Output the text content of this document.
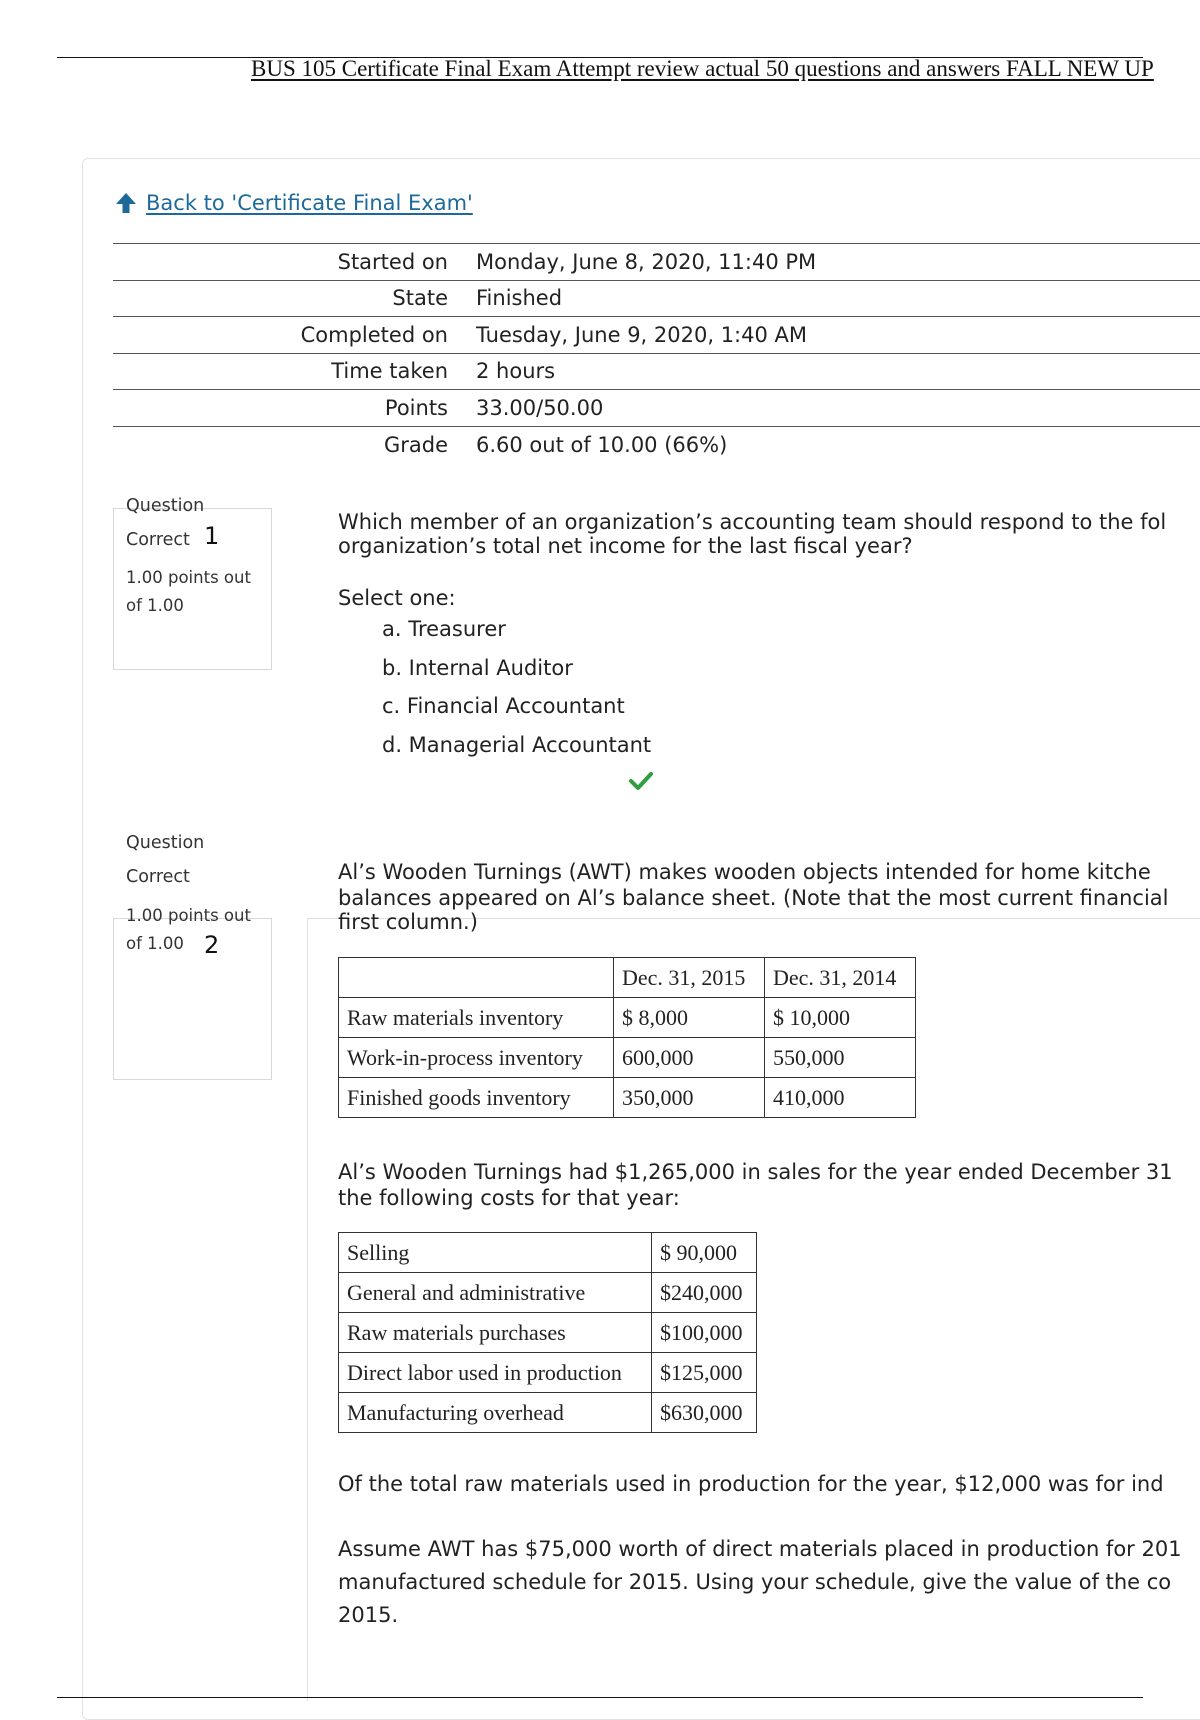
BUS 105 Certificate Final Exam Attempt review actual 50 questions and answers FALL NEW UP
Back to 'Certificate Final Exam'
Started on	Monday, June 8, 2020, 11:40 PM
State	Finished
Completed on	Tuesday, June 9, 2020, 1:40 AM
Time taken	2 hours
Points	33.00/50.00
Grade	6.60 out of 10.00 (66%)
Question
Correct 1
1.00 points out of 1.00
Which member of an organization’s accounting team should respond to the fol
organization’s total net income for the last fiscal year?
Select one:
a. Treasurer
b. Internal Auditor
c. Financial Accountant
d. Managerial Accountant
Question
Correct
1.00 points out of 1.00 2
Al’s Wooden Turnings (AWT) makes wooden objects intended for home kitche
balances appeared on Al’s balance sheet. (Note that the most current financial
first column.)
	Dec. 31, 2015	Dec. 31, 2014
Raw materials inventory	$ 8,000	$ 10,000
Work-in-process inventory	600,000	550,000
Finished goods inventory	350,000	410,000
Al’s Wooden Turnings had $1,265,000 in sales for the year ended December 31
the following costs for that year:
Selling	$ 90,000
General and administrative	$240,000
Raw materials purchases	$100,000
Direct labor used in production	$125,000
Manufacturing overhead	$630,000
Of the total raw materials used in production for the year, $12,000 was for ind
Assume AWT has $75,000 worth of direct materials placed in production for 201
manufactured schedule for 2015. Using your schedule, give the value of the co
2015.
